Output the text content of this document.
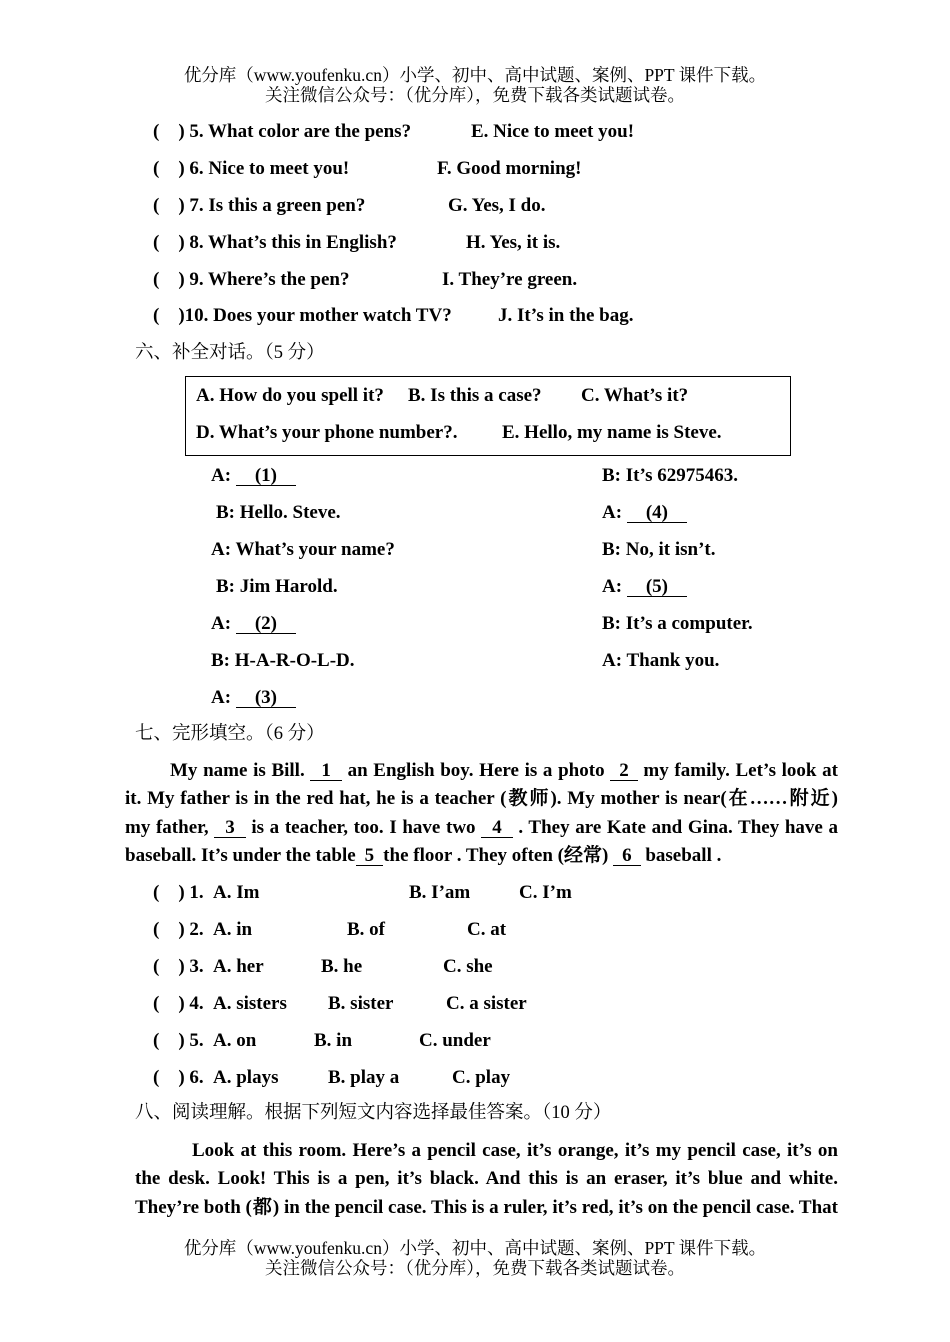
优分库（www.youfenku.cn）小学、初中、高中试题、案例、PPT 课件下载。
关注微信公众号：（优分库），免费下载各类试题试卷。
(    ) 5. What color are the pens?	E. Nice to meet you!
(    ) 6. Nice to meet you!	F. Good morning!
(    ) 7. Is this a green pen?	G. Yes, I do.
(    ) 8. What’s this in English?	H. Yes, it is.
(    ) 9. Where’s the pen?	I. They’re green.
(    )10. Does your mother watch TV? J. It’s in the bag.
六、补全对话。（5 分）
A. How do you spell it? B. Is this a case? C. What’s it?
D. What’s your phone number?. E. Hello, my name is Steve.
A: (1)
B: Hello. Steve.
A: What’s your name?
B: Jim Harold.
A: (2)
B: H-A-R-O-L-D.
A: (3)
B: It’s 62975463.
A: (4)
B: No, it isn’t.
A: (5)
B: It’s a computer.
A: Thank you.
七、完形填空。（6 分）
My name is Bill. 1 an English boy. Here is a photo 2 my family. Let’s look at
it. My father is in the red hat, he is a teacher (教师). My mother is near(在……附近)
my father, 3 is a teacher, too. I have two 4 . They are Kate and Gina. They have a
baseball. It’s under the table 5 the floor . They often (经常) 6 baseball .
(    ) 1. A. Im	B. I’am	C. I’m
(    ) 2. A. in	B. of	C. at
(    ) 3. A. her	B. he	C. she
(    ) 4. A. sisters B. sister	C. a sister
(    ) 5. A. on	B. in	C. under
(    ) 6. A. plays	B. play a	C. play
八、阅读理解。根据下列短文内容选择最佳答案。（10 分）
Look at this room. Here’s a pencil case, it’s orange, it’s my pencil case, it’s on
the desk. Look! This is a pen, it’s black. And this is an eraser, it’s blue and white.
They’re both (都) in the pencil case. This is a ruler, it’s red, it’s on the pencil case. That
优分库（www.youfenku.cn）小学、初中、高中试题、案例、PPT 课件下载。
关注微信公众号：（优分库），免费下载各类试题试卷。
